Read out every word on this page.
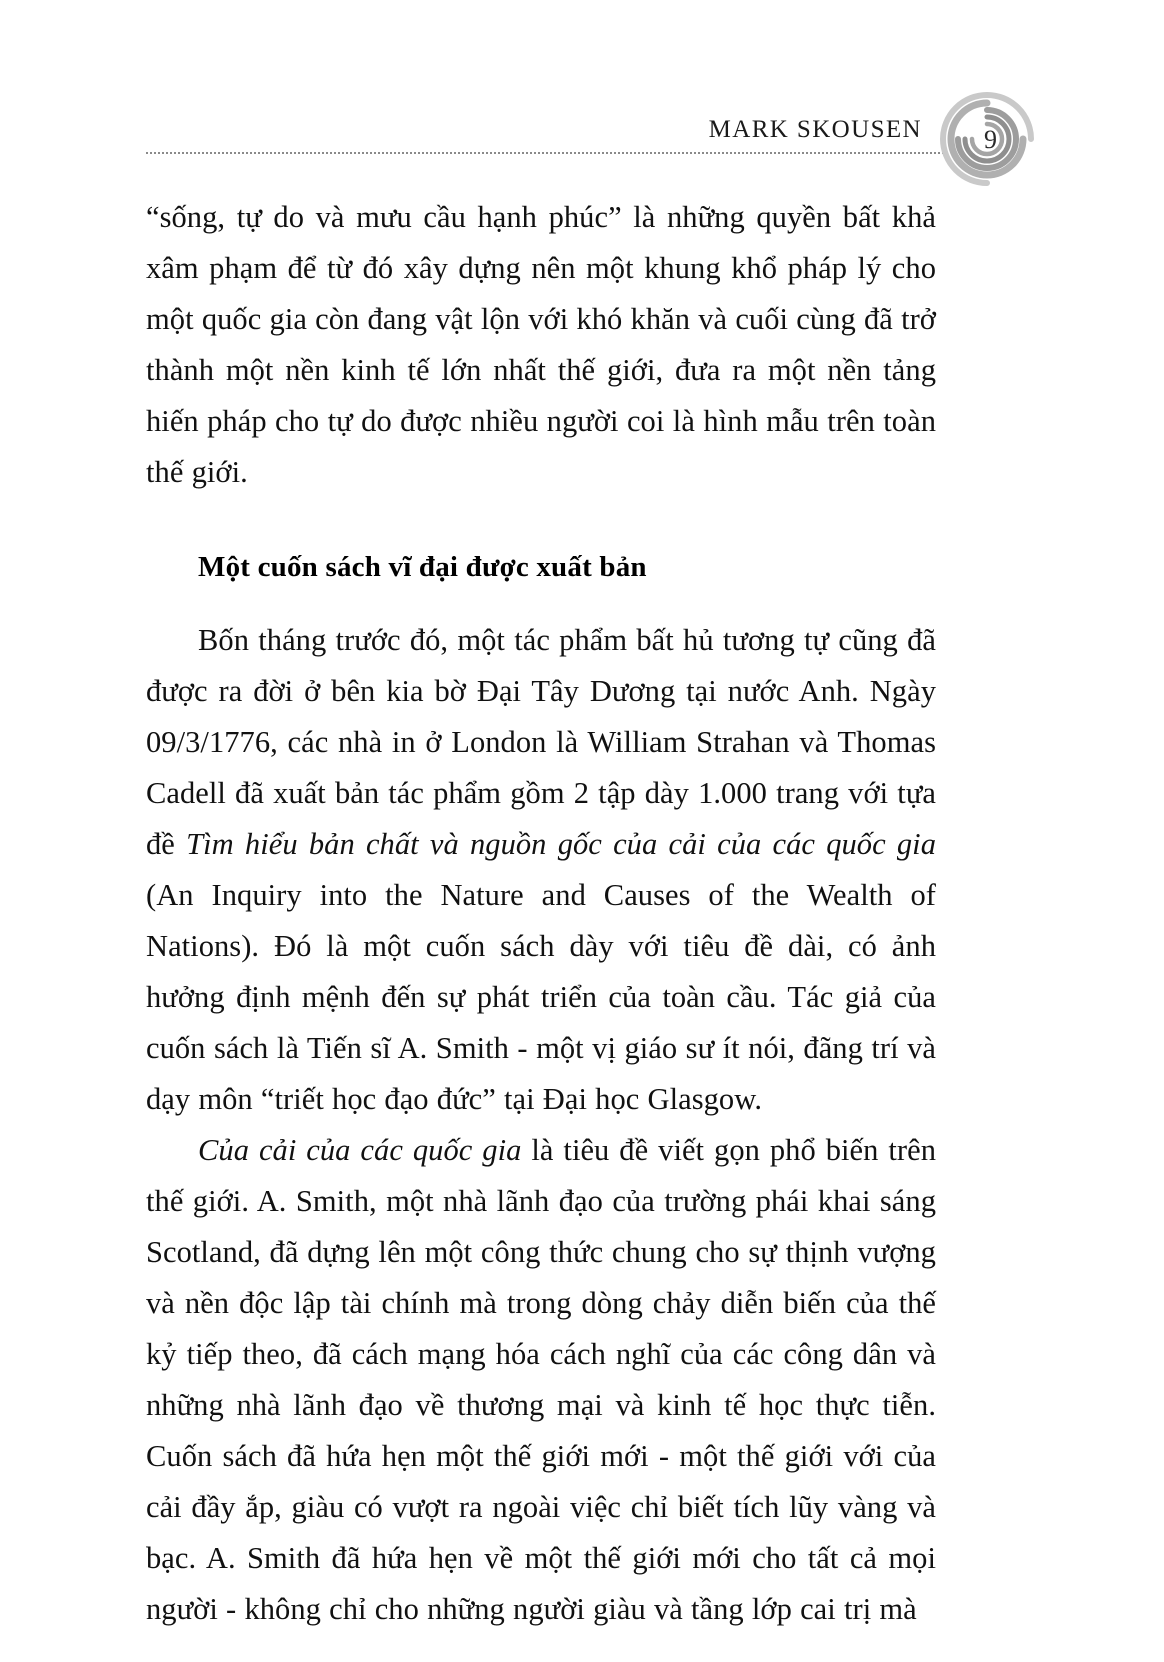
MARK SKOUSEN	9

“sống, tự do và mưu cầu hạnh phúc” là những quyền bất khả xâm phạm để từ đó xây dựng nên một khung khổ pháp lý cho một quốc gia còn đang vật lộn với khó khăn và cuối cùng đã trở thành một nền kinh tế lớn nhất thế giới, đưa ra một nền tảng hiến pháp cho tự do được nhiều người coi là hình mẫu trên toàn thế giới.

Một cuốn sách vĩ đại được xuất bản

Bốn tháng trước đó, một tác phẩm bất hủ tương tự cũng đã được ra đời ở bên kia bờ Đại Tây Dương tại nước Anh. Ngày 09/3/1776, các nhà in ở London là William Strahan và Thomas Cadell đã xuất bản tác phẩm gồm 2 tập dày 1.000 trang với tựa đề Tìm hiểu bản chất và nguồn gốc của cải của các quốc gia (An Inquiry into the Nature and Causes of the Wealth of Nations). Đó là một cuốn sách dày với tiêu đề dài, có ảnh hưởng định mệnh đến sự phát triển của toàn cầu. Tác giả của cuốn sách là Tiến sĩ A. Smith - một vị giáo sư ít nói, đãng trí và dạy môn “triết học đạo đức” tại Đại học Glasgow.

Của cải của các quốc gia là tiêu đề viết gọn phổ biến trên thế giới. A. Smith, một nhà lãnh đạo của trường phái khai sáng Scotland, đã dựng lên một công thức chung cho sự thịnh vượng và nền độc lập tài chính mà trong dòng chảy diễn biến của thế kỷ tiếp theo, đã cách mạng hóa cách nghĩ của các công dân và những nhà lãnh đạo về thương mại và kinh tế học thực tiễn. Cuốn sách đã hứa hẹn một thế giới mới - một thế giới với của cải đầy ắp, giàu có vượt ra ngoài việc chỉ biết tích lũy vàng và bạc. A. Smith đã hứa hẹn về một thế giới mới cho tất cả mọi người - không chỉ cho những người giàu và tầng lớp cai trị mà
